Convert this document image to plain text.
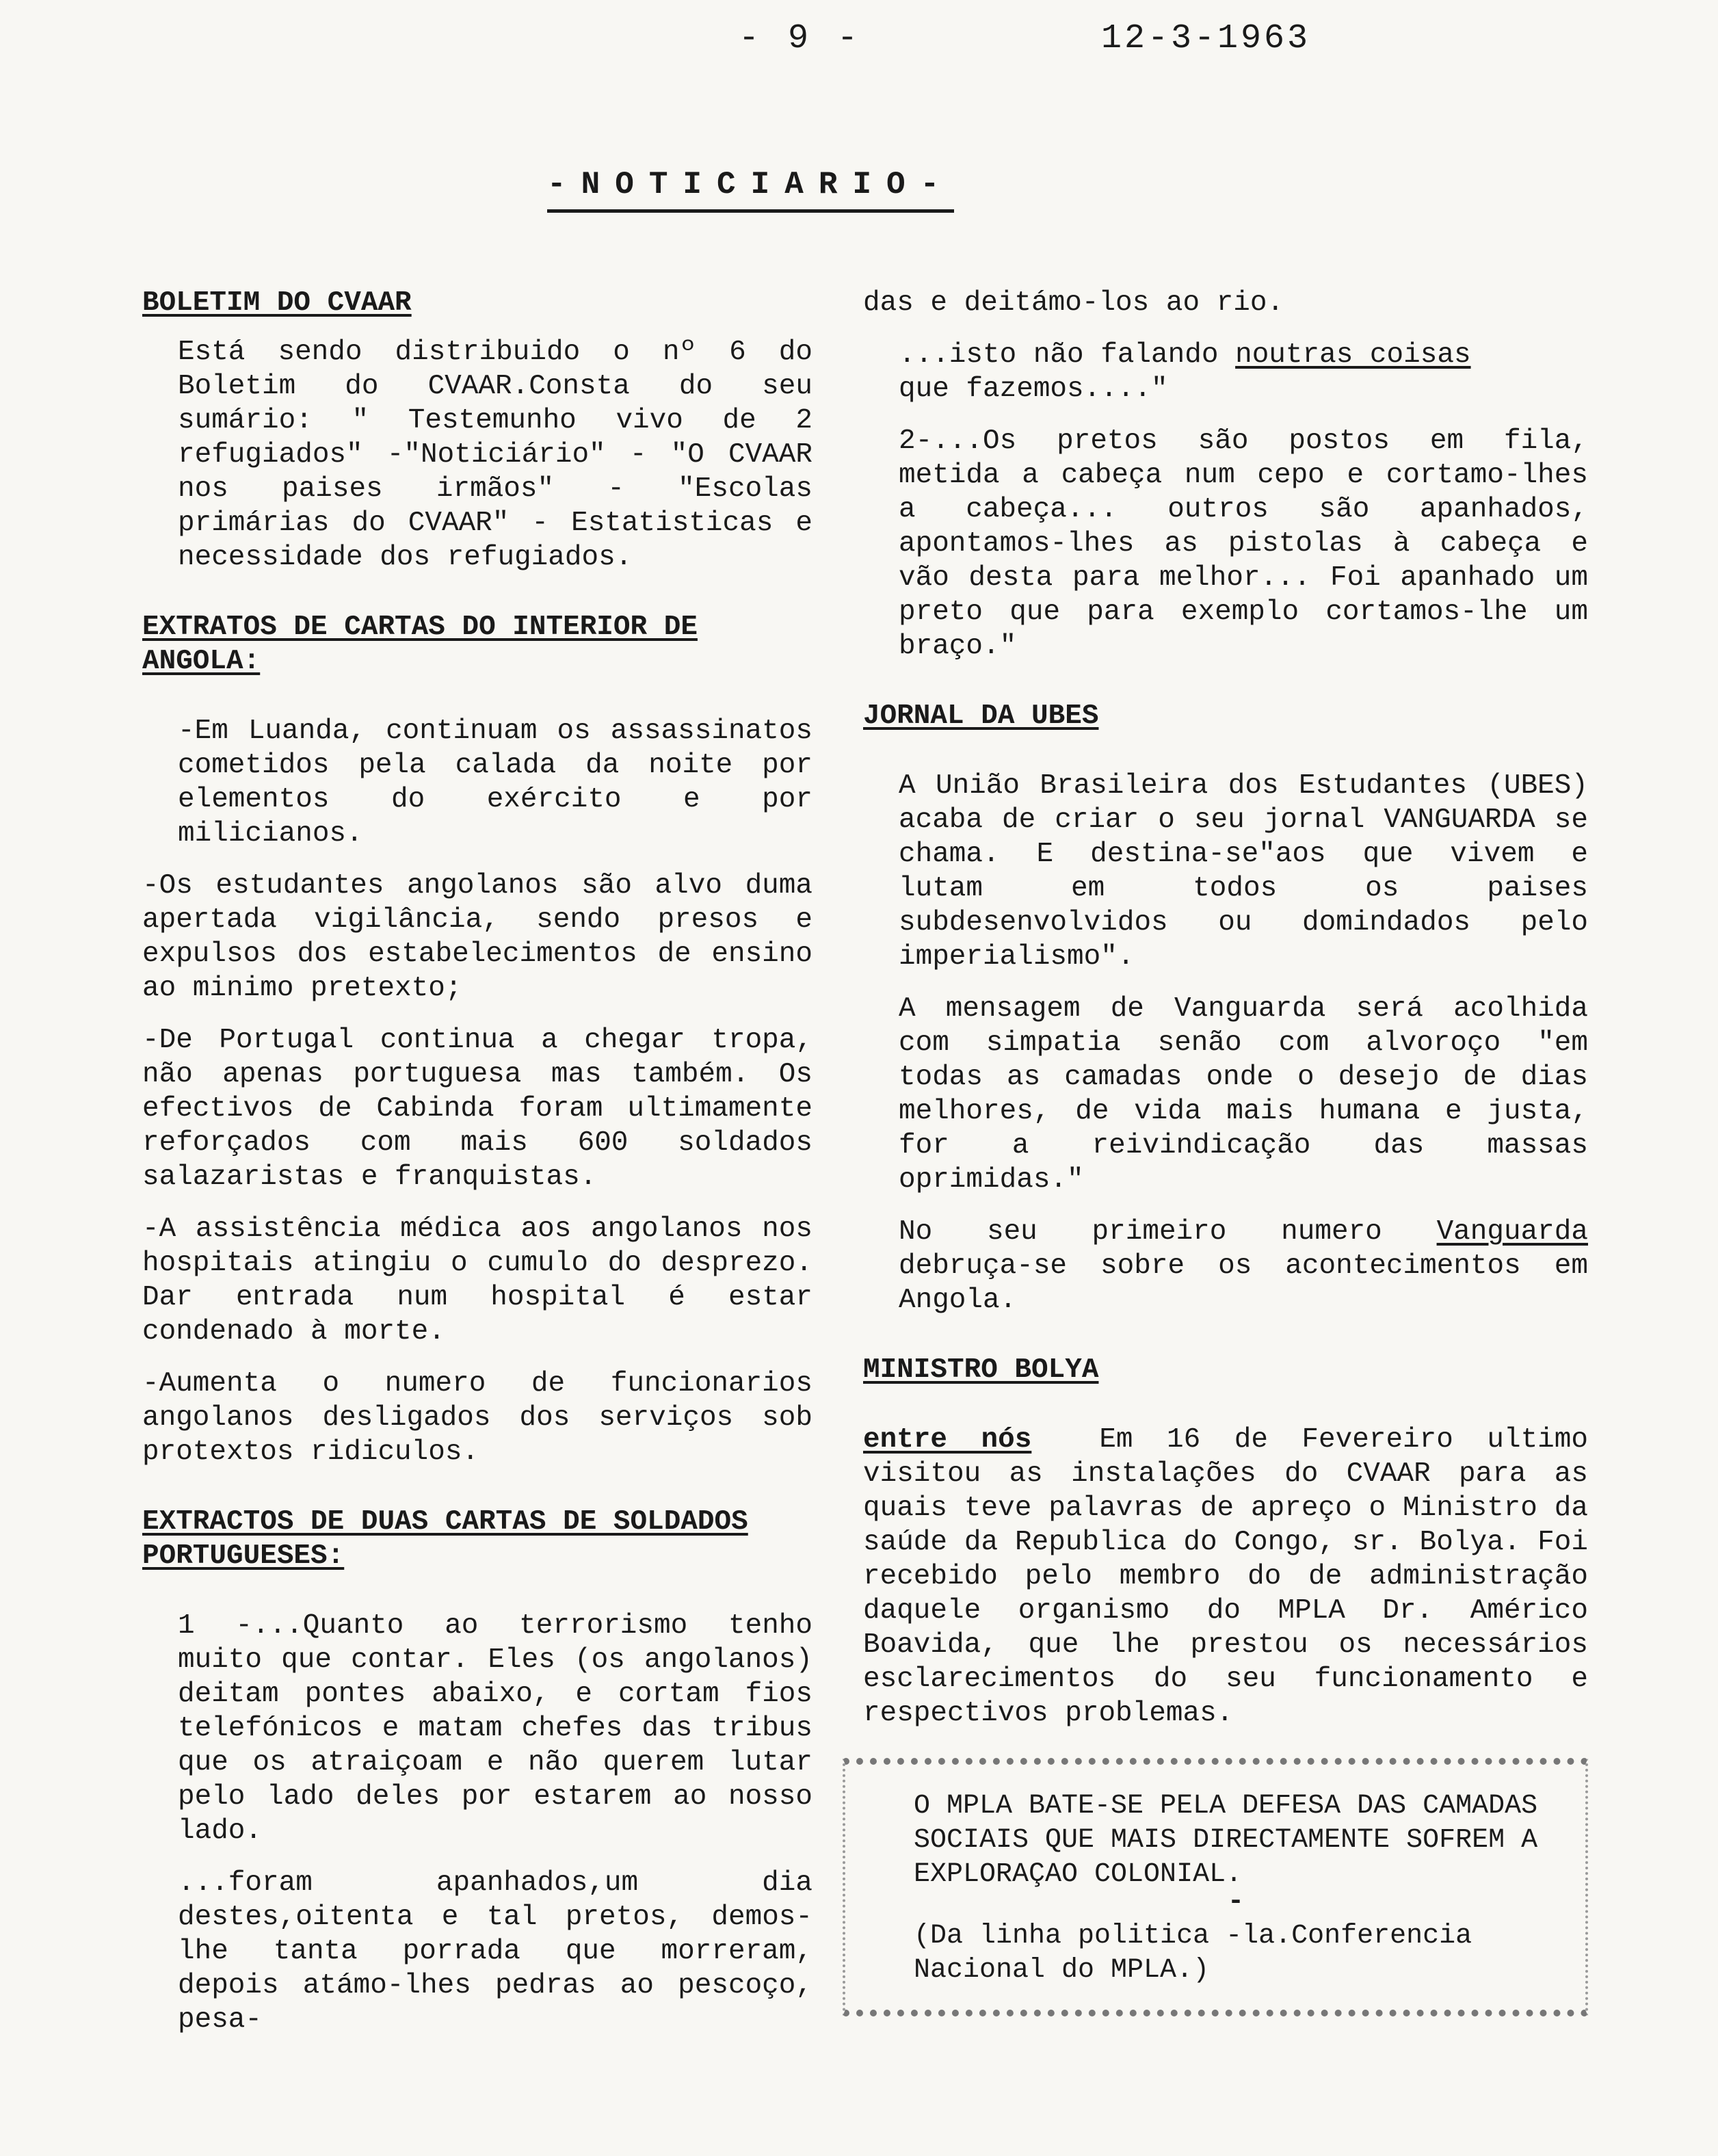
- 9 -	12-3-1963
-NOTICIARIO-
BOLETIM DO CVAAR

Está sendo distribuido o nº 6 do Boletim do CVAAR.Consta do seu sumário: " Testemunho vivo de 2 refugiados" -"Noticiário" - "O CVAAR nos paises irmãos" - "Escolas primárias do CVAAR" - Estatisticas e necessidade dos refugiados.

EXTRATOS DE CARTAS DO INTERIOR DE ANGOLA:

-Em Luanda, continuam os assassinatos cometidos pela calada da noite por elementos do exército e por milicianos.

-Os estudantes angolanos são alvo duma apertada vigilância, sendo presos e expulsos dos estabelecimentos de ensino ao minimo pretexto;

-De Portugal continua a chegar tropa, não apenas portuguesa mas também. Os efectivos de Cabinda foram ultimamente reforçados com mais 600 soldados salazaristas e franquistas.

-A assistência médica aos angolanos nos hospitais atingiu o cumulo do desprezo. Dar entrada num hospital é estar condenado à morte.

-Aumenta o numero de funcionarios angolanos desligados dos serviços sob protextos ridiculos.

EXTRACTOS DE DUAS CARTAS DE SOLDADOS PORTUGUESES:

1 -...Quanto ao terrorismo tenho muito que contar. Eles (os angolanos) deitam pontes abaixo, e cortam fios telefónicos e matam chefes das tribus que os atraiçoam e não querem lutar pelo lado deles por estarem ao nosso lado.

...foram apanhados,um dia destes,oitenta e tal pretos, demos-lhe tanta porrada que morreram, depois atámo-lhes pedras ao pescoço, pesa-

das e deitámo-los ao rio.

...isto não falando noutras coisas
que fazemos...."

2-...Os pretos são postos em fila, metida a cabeça num cepo e cortamo-lhes a cabeça... outros são apanhados, apontamos-lhes as pistolas à cabeça e vão desta para melhor... Foi apanhado um preto que para exemplo cortamos-lhe um braço."

JORNAL DA UBES

A União Brasileira dos Estudantes (UBES) acaba de criar o seu jornal VANGUARDA se chama. E destina-se"aos que vivem e lutam em todos os paises subdesenvolvidos ou domindados pelo imperialismo".

A mensagem de Vanguarda será acolhida com simpatia senão com alvoroço "em todas as camadas onde o desejo de dias melhores, de vida mais humana e justa, for a reivindicação das massas oprimidas."

No seu primeiro numero Vanguarda debruça-se sobre os acontecimentos em Angola.

MINISTRO BOLYA

entre nós Em 16 de Fevereiro ultimo visitou as instalações do CVAAR para as quais teve palavras de apreço o Ministro da saúde da Republica do Congo, sr. Bolya. Foi recebido pelo membro do de administração daquele organismo do MPLA Dr. Américo Boavida, que lhe prestou os necessários esclarecimentos do seu funcionamento e respectivos problemas.

O MPLA BATE-SE PELA DEFESA DAS CAMADAS SOCIAIS QUE MAIS DIRECTAMENTE SOFREM A EXPLORAÇAO COLONIAL.

-

(Da linha politica -la.Conferencia Nacional do MPLA.)
